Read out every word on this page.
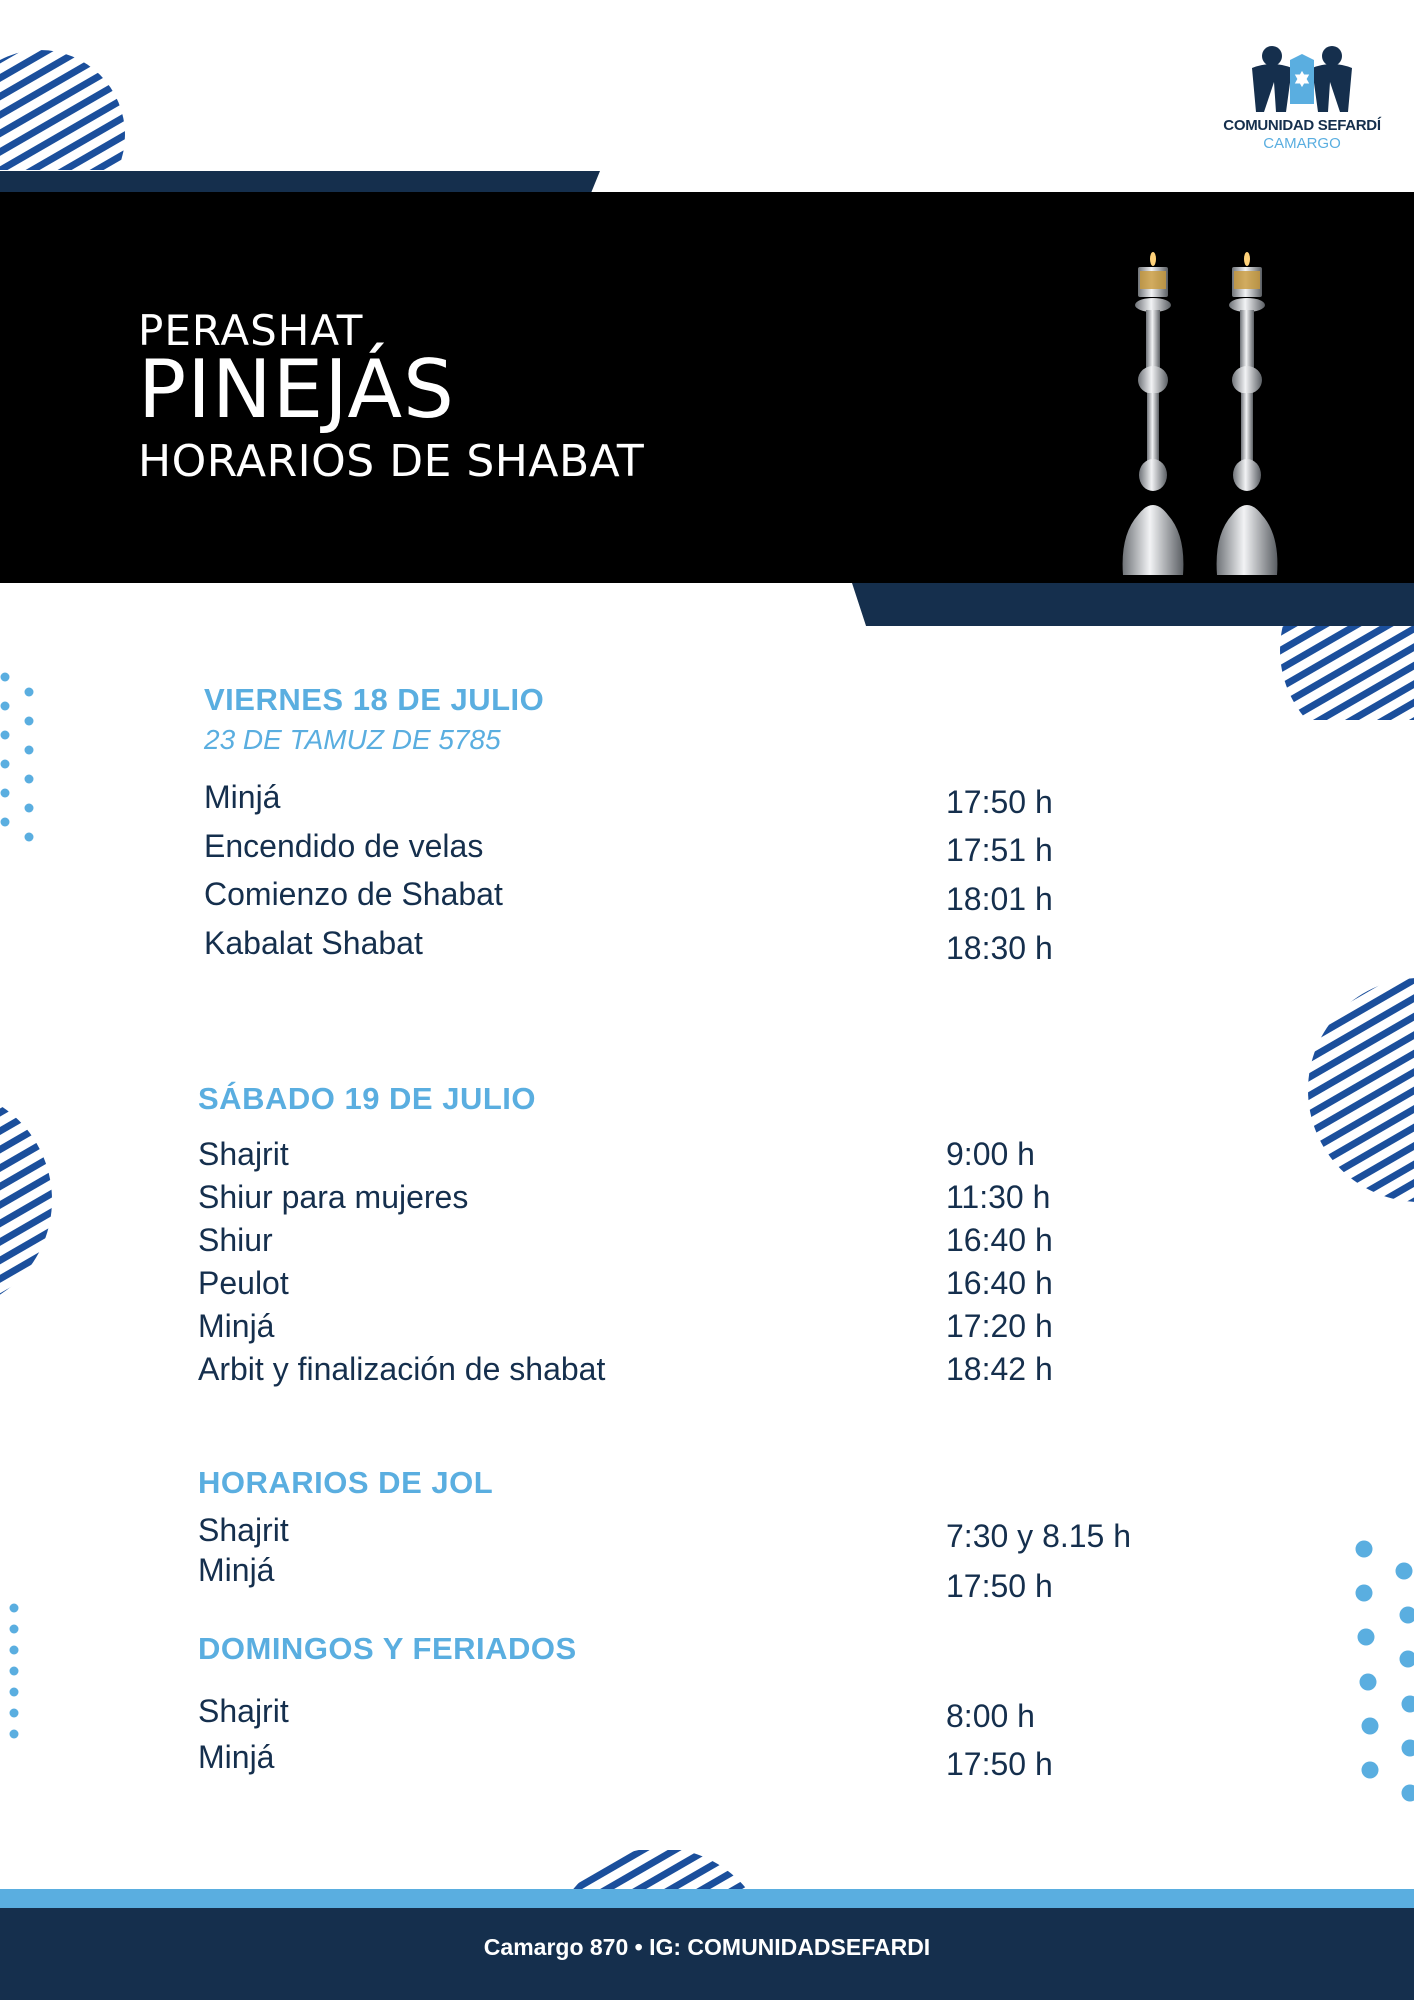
COMUNIDAD SEFARDÍ
CAMARGO
PERASHAT
PINEJÁS
HORARIOS DE SHABAT
VIERNES 18 DE JULIO
23 DE TAMUZ DE 5785
Minjá	17:50 h
Encendido de velas	17:51 h
Comienzo de Shabat	18:01 h
Kabalat Shabat	18:30 h
SÁBADO 19 DE JULIO
Shajrit	9:00 h
Shiur para mujeres	11:30 h
Shiur	16:40 h
Peulot	16:40 h
Minjá	17:20 h
Arbit y finalización de shabat	18:42 h
HORARIOS DE JOL
Shajrit	7:30 y 8.15 h
Minjá	17:50 h
DOMINGOS Y FERIADOS
Shajrit	8:00 h
Minjá	17:50 h
Camargo 870 • IG: COMUNIDADSEFARDI
